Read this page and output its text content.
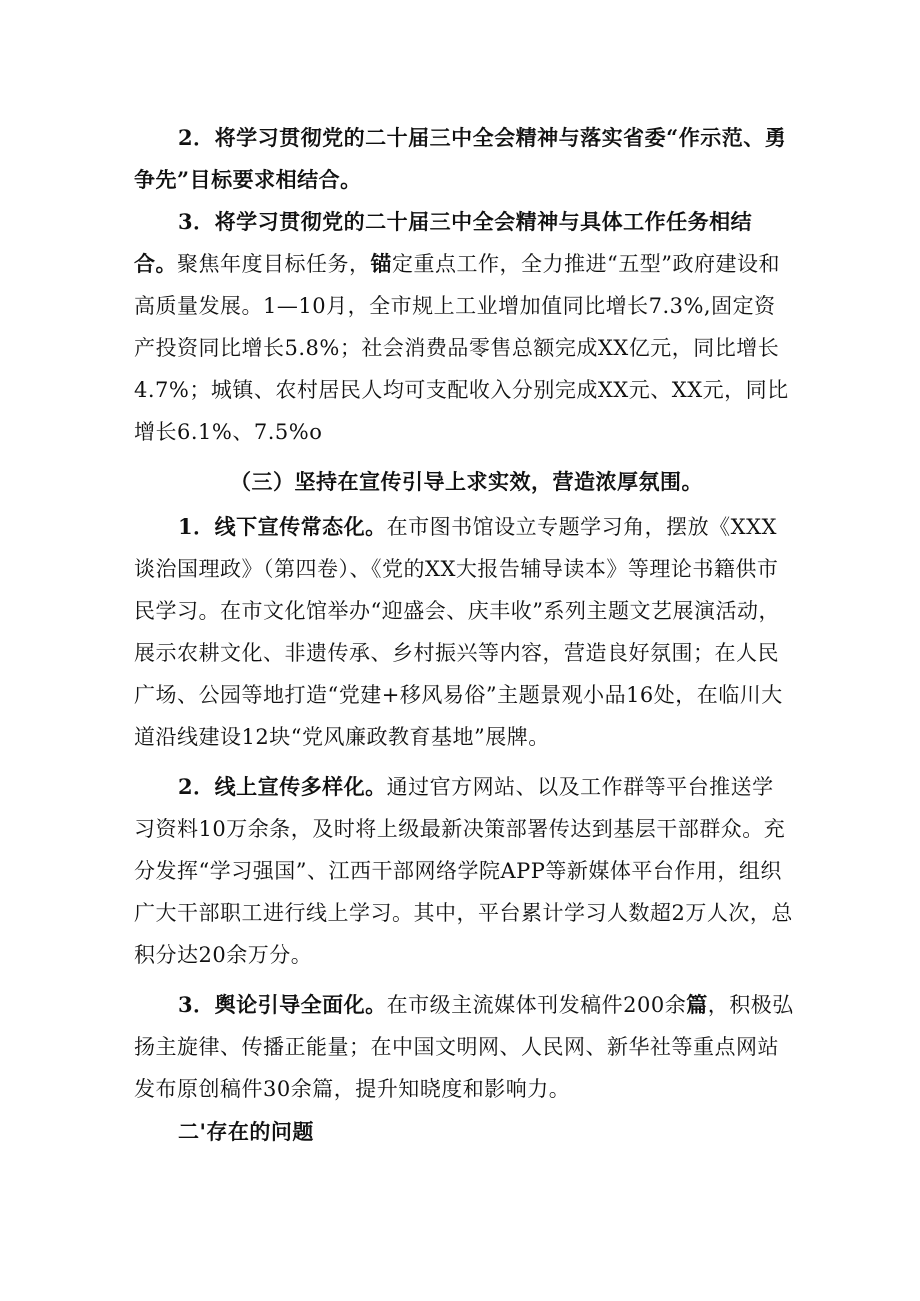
2．将学习贯彻党的二十届三中全会精神与落实省委“作示范、勇争先”目标要求相结合。

3．将学习贯彻党的二十届三中全会精神与具体工作任务相结合。聚焦年度目标任务，锚定重点工作，全力推进“五型”政府建设和高质量发展。1—10月，全市规上工业增加值同比增长7.3%,固定资产投资同比增长5.8%；社会消费品零售总额完成XX亿元，同比增长4.7%；城镇、农村居民人均可支配收入分别完成XX元、XX元，同比增长6.1%、7.5%o

（三）坚持在宣传引导上求实效，营造浓厚氛围。

1．线下宣传常态化。在市图书馆设立专题学习角，摆放《XXX谈治国理政》（第四卷）、《党的XX大报告辅导读本》等理论书籍供市民学习。在市文化馆举办“迎盛会、庆丰收”系列主题文艺展演活动，展示农耕文化、非遗传承、乡村振兴等内容，营造良好氛围；在人民广场、公园等地打造“党建+移风易俗”主题景观小品16处，在临川大道沿线建设12块“党风廉政教育基地”展牌。

2．线上宣传多样化。通过官方网站、以及工作群等平台推送学习资料10万余条，及时将上级最新决策部署传达到基层干部群众。充分发挥“学习强国”、江西干部网络学院APP等新媒体平台作用，组织广大干部职工进行线上学习。其中，平台累计学习人数超2万人次，总积分达20余万分。

3．舆论引导全面化。在市级主流媒体刊发稿件200余篇，积极弘扬主旋律、传播正能量；在中国文明网、人民网、新华社等重点网站发布原创稿件30余篇，提升知晓度和影响力。

二'存在的问题
